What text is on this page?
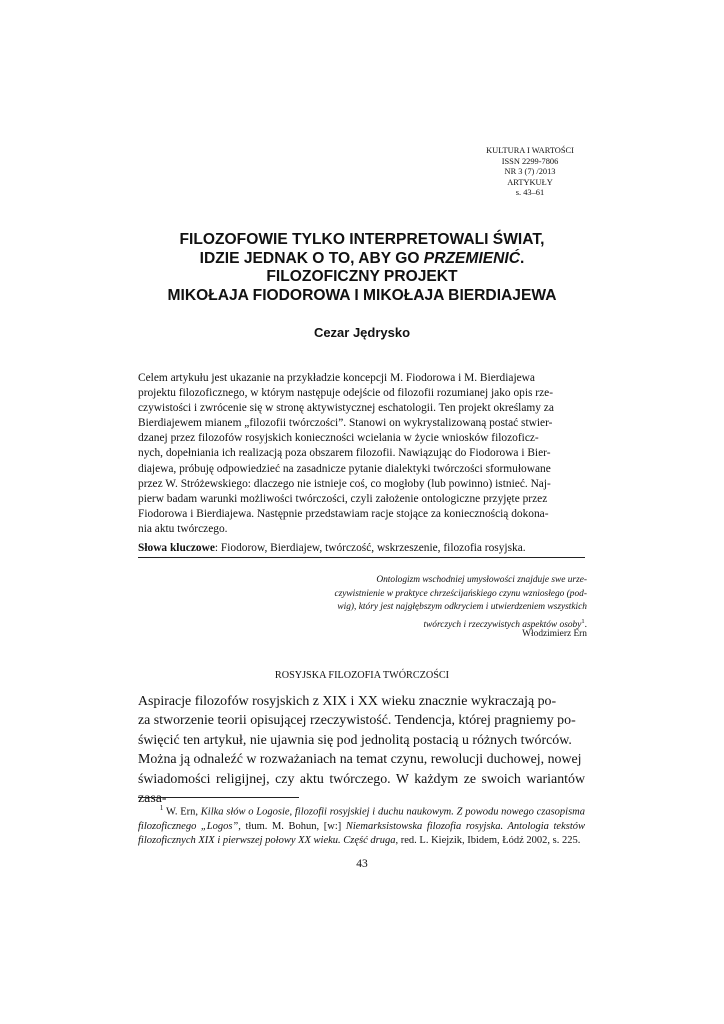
KULTURA I WARTOŚCI
ISSN 2299-7806
NR 3 (7) /2013
ARTYKUŁY
s. 43–61
FILOZOFOWIE TYLKO INTERPRETOWALI ŚWIAT,
IDZIE JEDNAK O TO, ABY GO PRZEMIENIĆ.
FILOZOFICZNY PROJEKT
MIKOŁAJA FIODOROWA I MIKOŁAJA BIERDIAJEWA
Cezar Jędrysko
Celem artykułu jest ukazanie na przykładzie koncepcji M. Fiodorowa i M. Bierdiajewa
projektu filozoficznego, w którym następuje odejście od filozofii rozumianej jako opis rze-
czywistości i zwrócenie się w stronę aktywistycznej eschatologii. Ten projekt określamy za
Bierdiajewem mianem „filozofii twórczości”. Stanowi on wykrystalizowaną postać stwier-
dzanej przez filozofów rosyjskich konieczności wcielania w życie wniosków filozoficz-
nych, dopełniania ich realizacją poza obszarem filozofii. Nawiązując do Fiodorowa i Bier-
diajewa, próbuję odpowiedzieć na zasadnicze pytanie dialektyki twórczości sformułowane
przez W. Stróżewskiego: dlaczego nie istnieje coś, co mogłoby (lub powinno) istnieć. Naj-
pierw badam warunki możliwości twórczości, czyli założenie ontologiczne przyjęte przez
Fiodorowa i Bierdiajewa. Następnie przedstawiam racje stojące za koniecznością dokona-
nia aktu twórczego.
Słowa kluczowe: Fiodorow, Bierdiajew, twórczość, wskrzeszenie, filozofia rosyjska.
Ontologizm wschodniej umysłowości znajduje swe urze-
czywistnienie w praktyce chrześcijańskiego czynu wzniosłego (pod-
wig), który jest najgłębszym odkryciem i utwierdzeniem wszystkich
twórczych i rzeczywistych aspektów osoby$^1$.
Włodzimierz Ern
ROSYJSKA FILOZOFIA TWÓRCZOŚCI
Aspiracje filozofów rosyjskich z XIX i XX wieku znacznie wykraczają po-
za stworzenie teorii opisującej rzeczywistość. Tendencja, której pragniemy po-
święcić ten artykuł, nie ujawnia się pod jednolitą postacią u różnych twórców.
Można ją odnaleźć w rozważaniach na temat czynu, rewolucji duchowej, nowej
świadomości religijnej, czy aktu twórczego. W każdym ze swoich wariantów zasa-
$^1$ W. Ern, Kilka słów o Logosie, filozofii rosyjskiej i duchu naukowym. Z powodu nowego czasopisma filozoficznego „Logos”, tłum. M. Bohun, [w:] Niemarksistowska filozofia rosyjska. Antologia tekstów filozoficznych XIX i pierwszej połowy XX wieku. Część druga, red. L. Kiejzik, Ibidem, Łódź 2002, s. 225.
43
